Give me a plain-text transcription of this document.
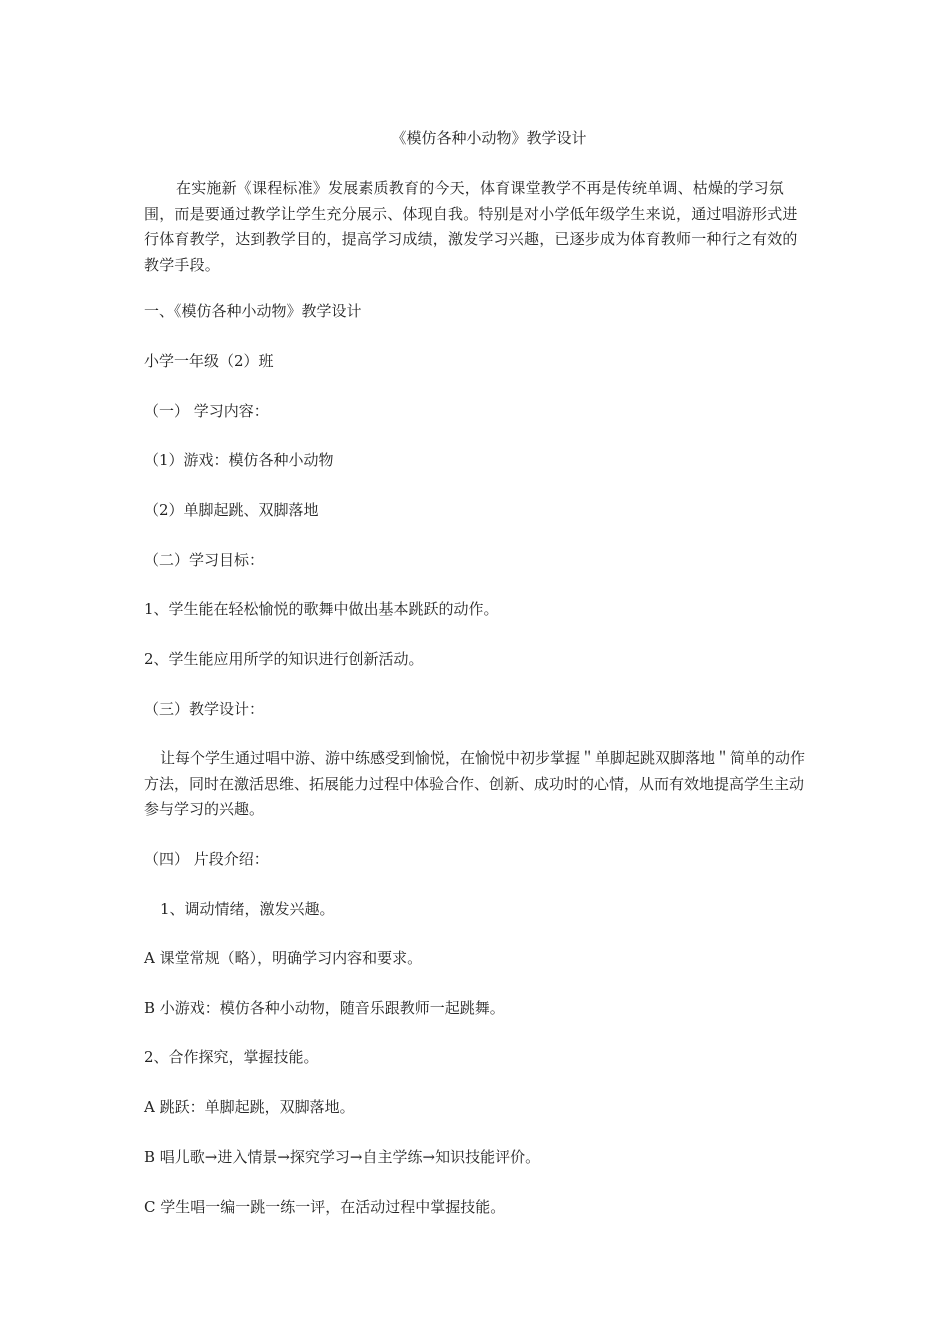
《模仿各种小动物》教学设计
在实施新《课程标准》发展素质教育的今天，体育课堂教学不再是传统单调、枯燥的学习氛围，而是要通过教学让学生充分展示、体现自我。特别是对小学低年级学生来说，通过唱游形式进行体育教学，达到教学目的，提高学习成绩，激发学习兴趣，已逐步成为体育教师一种行之有效的教学手段。
一、《模仿各种小动物》教学设计
小学一年级（2）班
（一） 学习内容：
（1）游戏：模仿各种小动物
（2）单脚起跳、双脚落地
（二）学习目标：
1、学生能在轻松愉悦的歌舞中做出基本跳跃的动作。
2、学生能应用所学的知识进行创新活动。
（三）教学设计：
让每个学生通过唱中游、游中练感受到愉悦，在愉悦中初步掌握＂单脚起跳双脚落地＂简单的动作方法，同时在激活思维、拓展能力过程中体验合作、创新、成功时的心情，从而有效地提高学生主动参与学习的兴趣。
（四） 片段介绍：
1、调动情绪，激发兴趣。
A 课堂常规（略），明确学习内容和要求。
B 小游戏：模仿各种小动物，随音乐跟教师一起跳舞。
2、合作探究，掌握技能。
A 跳跃：单脚起跳，双脚落地。
B 唱儿歌→进入情景→探究学习→自主学练→知识技能评价。
C 学生唱一编一跳一练一评，在活动过程中掌握技能。
